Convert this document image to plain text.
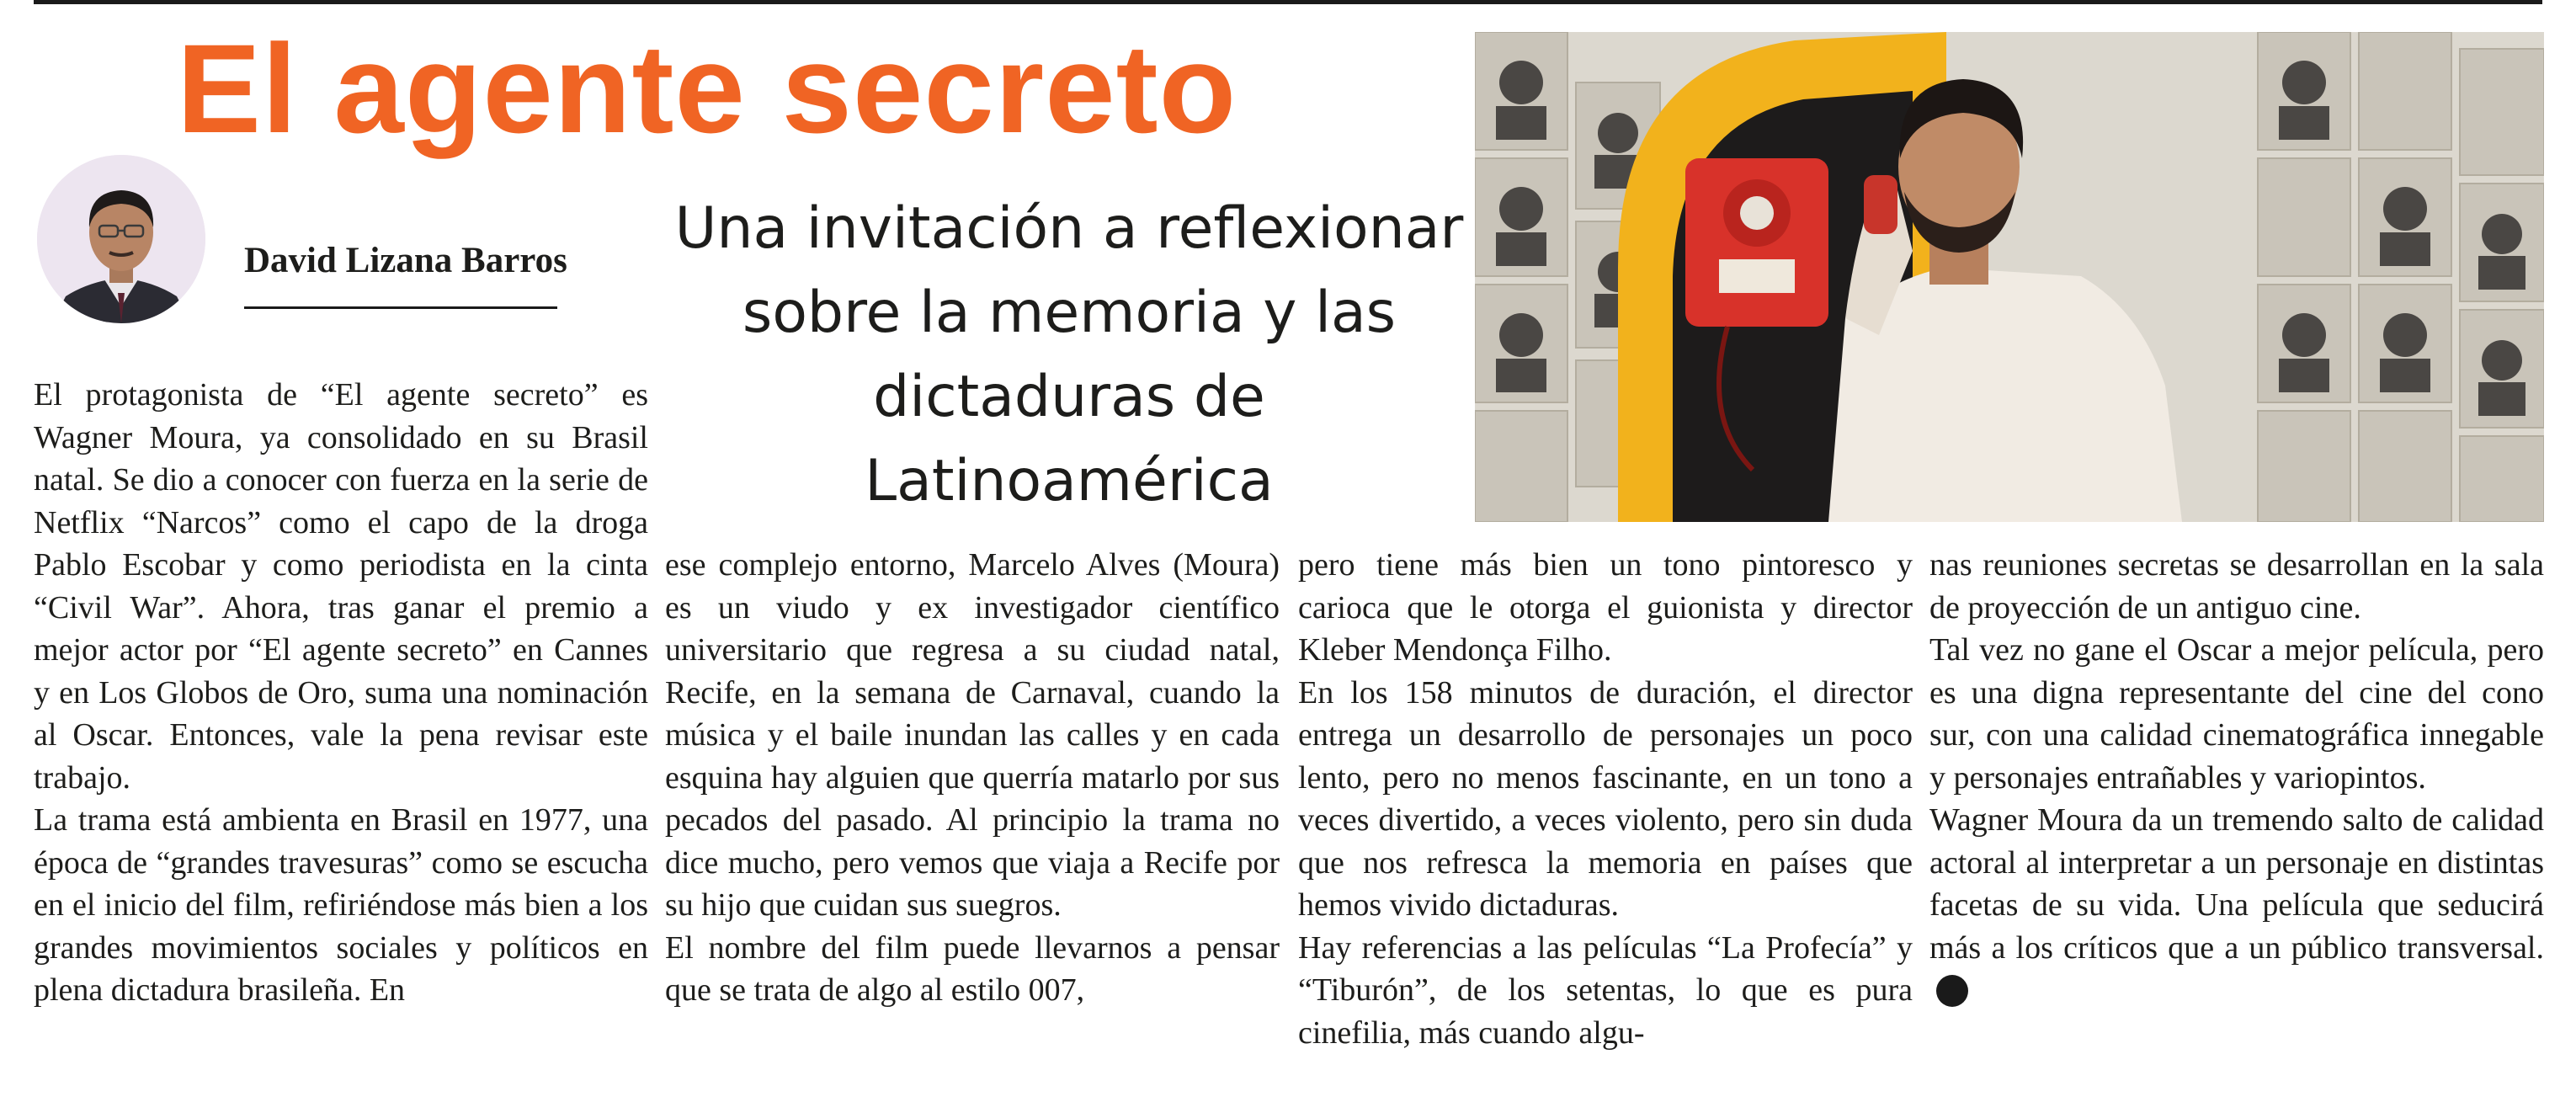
El agente secreto
David Lizana Barros Una invitación a reflexionar sobre la memoria y las dictaduras de Latinoamérica

El protagonista de “El agente secreto” es Wagner Moura, ya consolidado en su Brasil natal. Se dio a conocer con fuerza en la serie de Netflix “Narcos” como el capo de la droga Pablo Escobar y como periodista en la cinta “Civil War”. Ahora, tras ganar el premio a mejor actor por “El agente secreto” en Cannes y en Los Globos de Oro, suma una nominación al Oscar. Entonces, vale la pena revisar este trabajo.

La trama está ambienta en Brasil en 1977, una época de “grandes travesuras” como se escucha en el inicio del film, refiriéndose más bien a los grandes movimientos sociales y políticos en plena dictadura brasileña. En

ese complejo entorno, Marcelo Alves (Moura) es un viudo y ex investigador científico universitario que regresa a su ciudad natal, Recife, en la semana de Carnaval, cuando la música y el baile inundan las calles y en cada esquina hay alguien que querría matarlo por sus pecados del pasado. Al principio la trama no dice mucho, pero vemos que viaja a Recife por su hijo que cuidan sus suegros.

El nombre del film puede llevarnos a pensar que se trata de algo al estilo 007,

pero tiene más bien un tono pintoresco y carioca que le otorga el guionista y director Kleber Mendonça Filho.

En los 158 minutos de duración, el director entrega un desarrollo de personajes un poco lento, pero no menos fascinante, en un tono a veces divertido, a veces violento, pero sin duda que nos refresca la memoria en países que hemos vivido dictaduras.

Hay referencias a las películas “La Profecía” y “Tiburón”, de los setentas, lo que es pura cinefilia, más cuando algu-

nas reuniones secretas se desarrollan en la sala de proyección de un antiguo cine.

Tal vez no gane el Oscar a mejor película, pero es una digna representante del cine del cono sur, con una calidad cinematográfica innegable y personajes entrañables y variopintos.

Wagner Moura da un tremendo salto de calidad actoral al interpretar a un personaje en distintas facetas de su vida. Una película que seducirá más a los críticos que a un público transversal.
